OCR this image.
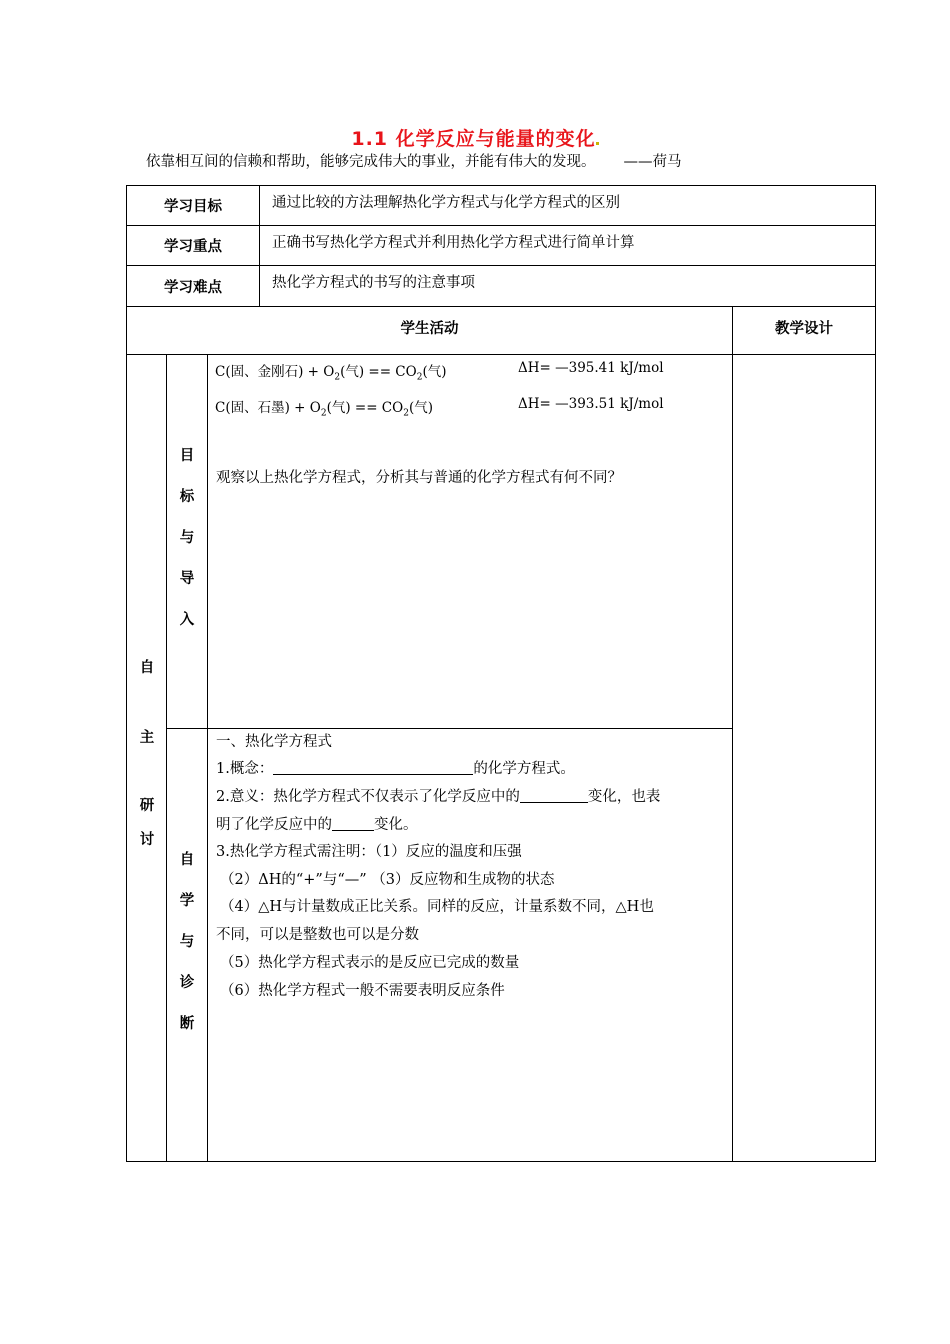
1.1 化学反应与能量的变化
依靠相互间的信赖和帮助，能够完成伟大的事业，并能有伟大的发现。 ——荷马
学习目标	通过比较的方法理解热化学方程式与化学方程式的区别
学习重点	正确书写热化学方程式并利用热化学方程式进行简单计算
学习难点	热化学方程式的书写的注意事项
学生活动	教学设计
自
主
研
讨
目
标
与
导
入
C(固、金刚石) + $O_2$(气) == $CO_2$(气)	ΔH= —395.41 kJ/mol
C(固、石墨) + $O_2$(气) == $CO_2$(气)	ΔH= —393.51 kJ/mol
观察以上热化学方程式，分析其与普通的化学方程式有何不同？
自
学
与
诊
断
一、热化学方程式
1.概念：	的化学方程式。
2.意义：热化学方程式不仅表示了化学反应中的	变化，也表
明了化学反应中的	变化。
3.热化学方程式需注明：（1）反应的温度和压强
（2）ΔH的“+”与“—” （3）反应物和生成物的状态
（4）△H与计量数成正比关系。同样的反应，计量系数不同，△H也
不同，可以是整数也可以是分数
（5）热化学方程式表示的是反应已完成的数量
（6）热化学方程式一般不需要表明反应条件
